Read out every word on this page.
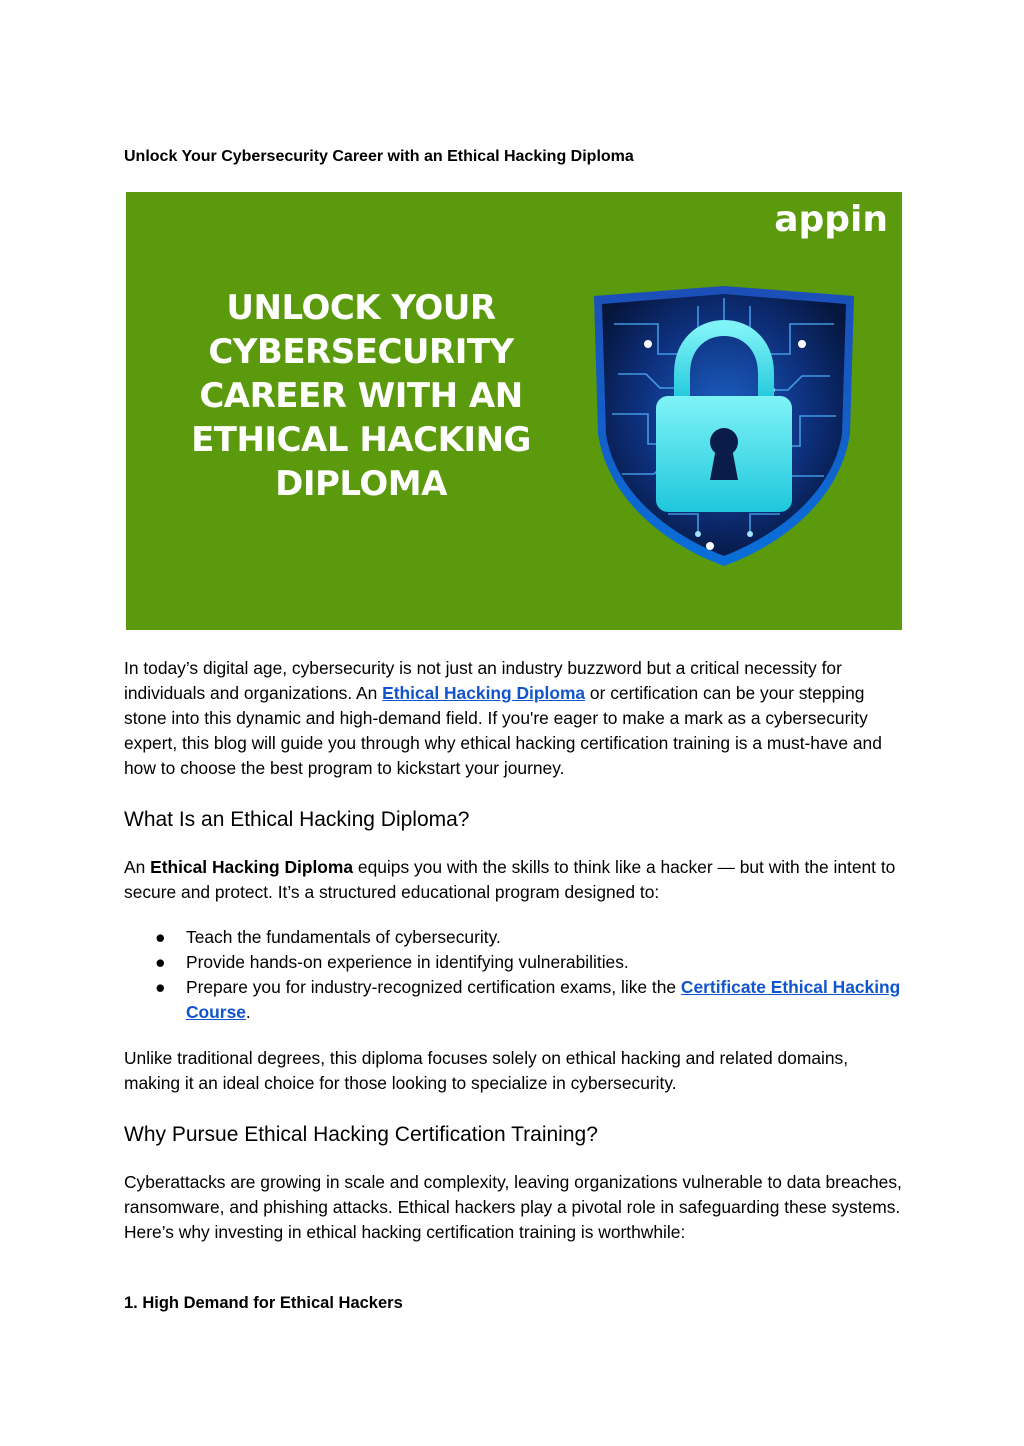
Unlock Your Cybersecurity Career with an Ethical Hacking Diploma
appin
UNLOCK YOUR
CYBERSECURITY
CAREER WITH AN
ETHICAL HACKING
DIPLOMA

In today’s digital age, cybersecurity is not just an industry buzzword but a critical necessity for individuals and organizations. An Ethical Hacking Diploma or certification can be your stepping stone into this dynamic and high-demand field. If you're eager to make a mark as a cybersecurity expert, this blog will guide you through why ethical hacking certification training is a must-have and how to choose the best program to kickstart your journey.

What Is an Ethical Hacking Diploma?

An Ethical Hacking Diploma equips you with the skills to think like a hacker — but with the intent to secure and protect. It’s a structured educational program designed to:

● Teach the fundamentals of cybersecurity.
● Provide hands-on experience in identifying vulnerabilities.
● Prepare you for industry-recognized certification exams, like the Certificate Ethical Hacking Course.

Unlike traditional degrees, this diploma focuses solely on ethical hacking and related domains, making it an ideal choice for those looking to specialize in cybersecurity.

Why Pursue Ethical Hacking Certification Training?

Cyberattacks are growing in scale and complexity, leaving organizations vulnerable to data breaches, ransomware, and phishing attacks. Ethical hackers play a pivotal role in safeguarding these systems. Here’s why investing in ethical hacking certification training is worthwhile:

1. High Demand for Ethical Hackers
